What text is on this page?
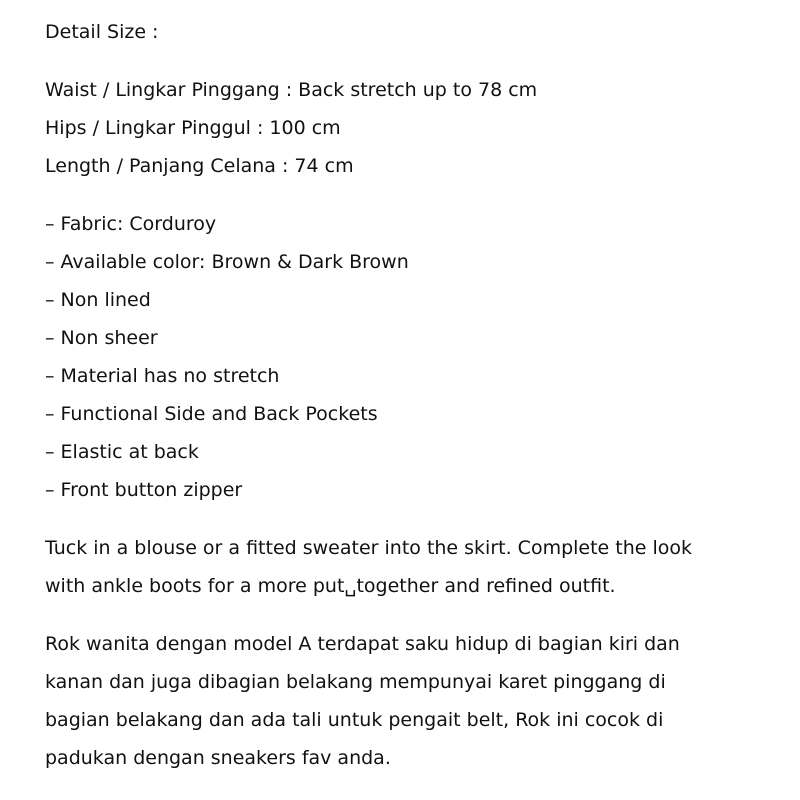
Detail Size :
Waist / Lingkar Pinggang : Back stretch up to 78 cm
Hips / Lingkar Pinggul : 100 cm
Length / Panjang Celana : 74 cm
– Fabric: Corduroy
– Available color: Brown & Dark Brown
– Non lined
– Non sheer
– Material has no stretch
– Functional Side and Back Pockets
– Elastic at back
– Front button zipper
Tuck in a blouse or a fitted sweater into the skirt. Complete the look
with ankle boots for a more put␣together and refined outfit.
Rok wanita dengan model A terdapat saku hidup di bagian kiri dan
kanan dan juga dibagian belakang mempunyai karet pinggang di
bagian belakang dan ada tali untuk pengait belt, Rok ini cocok di
padukan dengan sneakers fav anda.
